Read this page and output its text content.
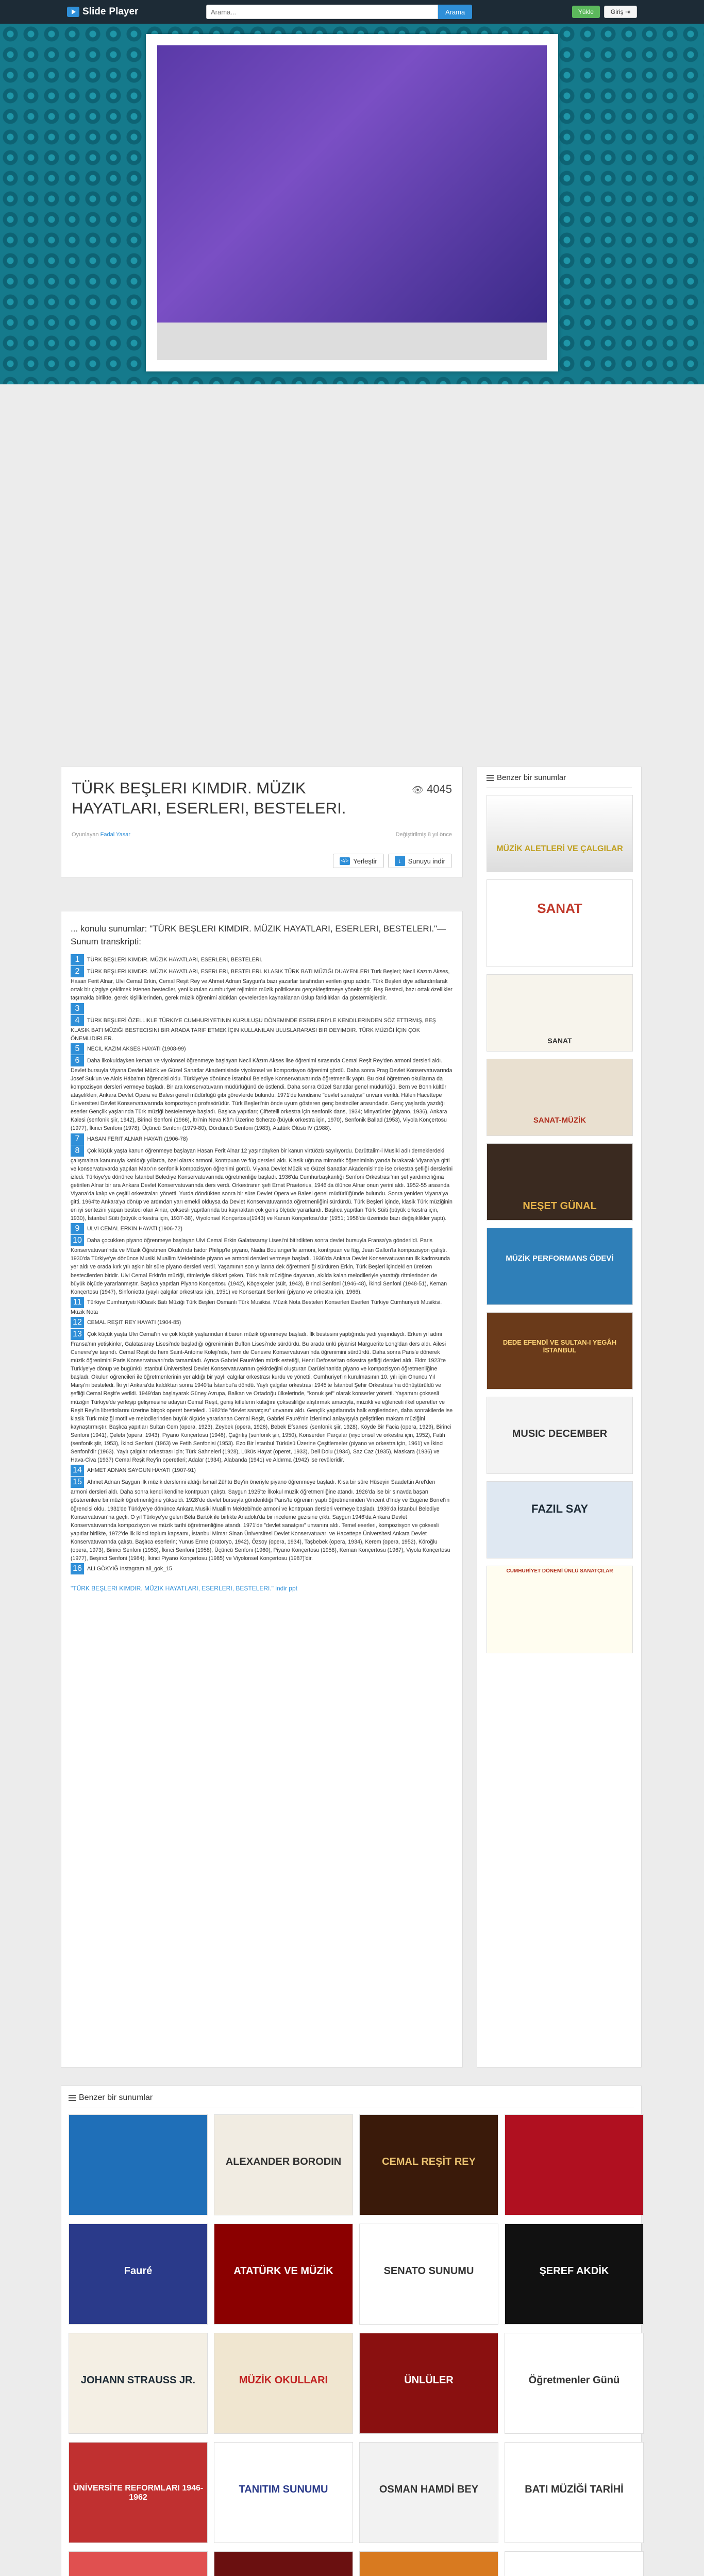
Slide Player
Arama...	Arama	Yükle	Giriş ⇥
TÜRK BEŞLERI KIMDIR. MÜZIK HAYATLARI, ESERLERI, BESTELERI.
👁 4045
Oyunlayan Fadal Yasar	Değiştirilmiş 8 yıl önce
</> Yerleştir	↓	Sunuyu indir
... konulu sunumlar: "TÜRK BEŞLERI KIMDIR. MÜZIK HAYATLARI, ESERLERI, BESTELERI."— Sunum transkripti:
1 TÜRK BEŞLERI KIMDIR. MÜZIK HAYATLARI, ESERLERI, BESTELERI.
2 TÜRK BEŞLERI KIMDIR. MÜZIK HAYATLARI, ESERLERI, BESTELERI. KLASIK TÜRK BATI MÜZIĞI DUAYENLERI Türk Beşleri; Necil Kazım Akses, Hasan Ferit Alnar, Ulvi Cemal Erkin, Cemal Reşit Rey ve Ahmet Adnan Saygun'a bazı yazarlar tarafından verilen grup adıdır. Türk Beşleri diye adlandırılarak ortak bir çizgiye çekilmek istenen besteciler, yeni kurulan cumhuriyet rejiminin müzik politikasını gerçekleştirmeye yönelmiştir. Beş Besteci, bazı ortak özellikler taşımakla birlikte, gerek kişiliklerinden, gerek müzik öğrenimi aldıkları çevrelerden kaynaklanan üslup farklılıkları da göstermişlerdir.
3
4 TÜRK BEŞLERİ ÖZELLIKLE TÜRKIYE CUMHURIYETININ KURULUŞU DÖNEMINDE ESERLERIYLE KENDILERINDEN SÖZ ETTIRMIŞ, BEŞ KLASIK BATI MÜZIĞI BESTECISINI BIR ARADA TARIF ETMEK İÇIN KULLANILAN ULUSLARARASI BIR DEYIMDIR. TÜRK MÜZIĞI İÇIN ÇOK ÖNEMLIDIRLER.
5 NECIL KAZIM AKSES HAYATI (1908-99)
6 Daha ilkokuldayken keman ve viyolonsel öğrenmeye başlayan Necil Kâzım Akses lise öğrenimi sırasında Cemal Reşit Rey'den armoni dersleri aldı. Devlet bursuyla Viyana Devlet Müzik ve Güzel Sanatlar Akademisinde viyolonsel ve kompozisyon öğrenimi gördü. Daha sonra Prag Devlet Konservatuvarında Josef Suk'un ve Alois Hába'nın öğrencisi oldu. Türkiye'ye dönünce İstanbul Belediye Konservatuvarında öğretmenlik yaptı. Bu okul öğretmen okullarına da kompozisyon dersleri vermeye başladı. Bir ara konservatuvarın müdürlüğünü de üstlendi. Daha sonra Güzel Sanatlar genel müdürlüğü, Bern ve Bonn kültür ataşelikleri, Ankara Devlet Opera ve Balesi genel müdürlüğü gibi görevlerde bulundu. 1971'de kendisine "devlet sanatçısı" unvanı verildi. Hâlen Hacettepe Üniversitesi Devlet Konservatuvarında kompozisyon profesörüdür. Türk Beşleri'nin önde uyum gösteren genç besteciler arasındadır. Genç yaşlarda yazdığı eserler Gençlik yaşlarında Türk müziği bestelemeye başladı. Başlıca yapıtları; Çiftetelli orkestra için senfonik dans, 1934; Minyatürler (piyano, 1936), Ankara Kalesi (senfonik şiir, 1942), Birinci Senfoni (1966), İtri'nin Neva Kâr'ı Üzerine Scherzo (büyük orkestra için, 1970), Senfonik Ballad (1953), Viyola Konçertosu (1977), İkinci Senfoni (1978), Üçüncü Senfoni (1979-80), Dördüncü Senfoni (1983), Atatürk Ölüsü IV (1988).
7 HASAN FERIT ALNAR HAYATI (1906-78)
8 Çok küçük yaşta kanun öğrenmeye başlayan Hasan Ferit Alnar 12 yaşındayken bir kanun virtüözü sayılıyordu. Darüttalim-i Musiki adlı derneklerdeki çalışmalara kanunuyla katıldığı yıllarda, özel olarak armoni, kontrpuan ve füg dersleri aldı. Klasik uğruna mimarlık öğreniminin yarıda bırakarak Viyana'ya gitti ve konservatuvarda yapılan Marx'ın senfonik kompozisyon öğrenimi gördü. Viyana Devlet Müzik ve Güzel Sanatlar Akademisi'nde ise orkestra şefliği derslerini izledi. Türkiye'ye dönünce İstanbul Belediye Konservatuvarında öğretmenliğe başladı. 1936'da Cumhurbaşkanlığı Senfoni Orkestrası'nın şef yardımcılığına getirilen Alnar bir ara Ankara Devlet Konservatuvarında ders verdi. Orkestranın şefi Ernst Praetorius, 1946'da ölünce Alnar onun yerini aldı. 1952-55 arasında Viyana'da kalıp ve çeşitli orkestraları yönetti. Yurda döndükten sonra bir süre Devlet Opera ve Balesi genel müdürlüğünde bulundu. Sonra yeniden Viyana'ya gitti. 1964'te Ankara'ya dönüp ve ardından yarı emekli olduysa da Devlet Konservatuvarında öğretmenliğini sürdürdü. Türk Beşleri içinde, klasik Türk müziğinin en iyi sentezini yapan besteci olan Alnar, çoksesli yapıtlarında bu kaynaktan çok geniş ölçüde yararlandı. Başlıca yapıtları Türk Süiti (büyük orkestra için, 1930), İstanbul Süiti (büyük orkestra için, 1937-38), Viyolonsel Konçertosu(1943) ve Kanun Konçertosu'dur (1951; 1958'de üzerinde bazı değişiklikler yaptı).
9 ULVI CEMAL ERKIN HAYATI (1906-72)
10 Daha çocukken piyano öğrenmeye başlayan Ulvi Cemal Erkin Galatasaray Lisesi'ni bitirdikten sonra devlet bursuyla Fransa'ya gönderildi. Paris Konservatuvarı'nda ve Müzik Öğretmen Okulu'nda Isidor Philipp'le piyano, Nadia Boulanger'le armoni, kontrpuan ve füg, Jean Gallon'la kompozisyon çalıştı. 1930'da Türkiye'ye dönünce Musiki Muallim Mektebinde piyano ve armoni dersleri vermeye başladı. 1936'da Ankara Devlet Konservatuvarının ilk kadrosunda yer aldı ve orada kırk yılı aşkın bir süre piyano dersleri verdi. Yaşamının son yıllarına dek öğretmenliği sürdüren Erkin, Türk Beşleri içindeki en üretken bestecilerden biridir. Ulvi Cemal Erkin'in müziği, ritmleriyle dikkati çeken, Türk halk müziğine dayanan, akılda kalan melodileriyle yarattığı ritmlerinden de büyük ölçüde yararlanmıştır. Başlıca yapıtları Piyano Konçertosu (1942), Köçekçeler (süit, 1943), Birinci Senfoni (1946-48), İkinci Senfoni (1948-51), Keman Konçertosu (1947), Sinfonietta (yaylı çalgılar orkestrası için, 1951) ve Konsertant Senfoni (piyano ve orkestra için, 1966).
11 Türkiye Cumhuriyeti KlOasik Batı Müziği Türk Beşleri Osmanlı Türk Musikisi. Müzik Nota Besteleri Konserleri Eserleri Türkiye Cumhuriyeti Musikisi. Müzik Nota
12 CEMAL REŞIT REY HAYATI (1904-85)
13 Çok küçük yaşta Ulvi Cemal'in ve çok küçük yaşlarından itibaren müzik öğrenmeye başladı. İlk bestesini yaptığında yedi yaşındaydı. Erken yıl adını Fransa'nın yetişkinler, Galatasaray Lisesi'nde başladığı öğreniminin Buffon Lisesi'nde sürdürdü. Bu arada ünlü piyanist Marguerite Long'dan ders aldı. Ailesi Cenevre'ye taşındı. Cemal Reşit de hem Saint-Antoine Koleji'nde, hem de Cenevre Konservatuvarı'nda öğrenimini sürdürdü. Daha sonra Paris'e dönerek müzik öğrenimini Paris Konservatuvarı'nda tamamladı. Ayrıca Gabriel Fauré'den müzik estetiği, Henri Defosse'tan orkestra şefliği dersleri aldı. Ekim 1923'te Türkiye'ye dönüp ve bugünkü İstanbul Üniversitesi Devlet Konservatuvarının çekirdeğini oluşturan Darülelhan'da piyano ve kompozisyon öğretmenliğine başladı. Okulun öğrencileri ile öğretmenlerinin yer aldığı bir yaylı çalgılar orkestrası kurdu ve yönetti. Cumhuriyet'in kurulmasının 10. yılı için Onuncu Yıl Marşı'nı besteledi. İki yıl Ankara'da kaldıktan sonra 1940'ta İstanbul'a döndü. Yaylı çalgılar orkestrası 1945'te İstanbul Şehir Orkestrası'na dönüştürüldü ve şefliği Cemal Reşit'e verildi. 1949'dan başlayarak Güney Avrupa, Balkan ve Ortadoğu ülkelerinde, "konuk şef" olarak konserler yönetti. Yaşamını çoksesli müziğin Türkiye'de yerleşip gelişmesine adayan Cemal Reşit, geniş kitlelerin kulağını çoksesliliğe alıştırmak amacıyla, müzikli ve eğlenceli ilkel operetler ve Reşit Rey'in librettolarını üzerine birçok operet besteledi. 1982'de "devlet sanatçısı" unvanını aldı. Gençlik yapıtlarında halk ezgilerinden, daha sonrakilerde ise klasik Türk müziği motif ve melodilerinden büyük ölçüde yararlanan Cemal Reşit, Gabriel Fauré'nin izlenimci anlayışıyla geliştirilen makam müziğini kaynaştırmıştır. Başlıca yapıtları Sultan Cem (opera, 1923), Zeybek (opera, 1926), Bebek Efsanesi (senfonik şiir, 1928), Köyde Bir Facia (opera, 1929), Birinci Senfoni (1941), Çelebi (opera, 1943), Piyano Konçertosu (1946), Çağrılış (senfonik şiir, 1950), Konserden Parçalar (viyolonsel ve orkestra için, 1952), Fatih (senfonik şiir, 1953), İkinci Senfoni (1963) ve Fetih Senfonisi (1953). Ezo Bir İstanbul Türküsü Üzerine Çeşitlemeler (piyano ve orkestra için, 1961) ve İkinci Senfoni'dir (1963). Yaylı çalgılar orkestrası için; Türk Sahneleri (1928), Lüküs Hayat (operet, 1933), Deli Dolu (1934), Saz Caz (1935), Maskara (1936) ve Hava-Civa (1937) Cemal Reşit Rey'in operetleri; Adalar (1934), Alabanda (1941) ve Aldırma (1942) ise revüleridir.
14 AHMET ADNAN SAYGUN HAYATI (1907-91)
15 Ahmet Adnan Saygun ilk müzik derslerini aldığı İsmail Zühtü Bey'in öneriyle piyano öğrenmeye başladı. Kısa bir süre Hüseyin Saadettin Arel'den armoni dersleri aldı. Daha sonra kendi kendine kontrpuan çalıştı. Saygun 1925'te İlkokul müzik öğretmenliğine atandı. 1926'da ise bir sınavda başarı gösterenlere bir müzik öğretmenliğine yükseldi. 1928'de devlet bursuyla gönderildiği Paris'te öğrenim yaptı öğretmeninden Vincent d'Indy ve Eugène Borrel'in öğrencisi oldu. 1931'de Türkiye'ye dönünce Ankara Musiki Muallim Mektebi'nde armoni ve kontrpuan dersleri vermeye başladı. 1936'da İstanbul Belediye Konservatuvarı'na geçti. O yıl Türkiye'ye gelen Béla Bartók ile birlikte Anadolu'da bir inceleme gezisine çıktı. Saygun 1946'da Ankara Devlet Konservatuvarında kompozisyon ve müzik tarihi öğretmenliğine atandı. 1971'de "devlet sanatçısı" unvanını aldı. Temel eserleri, kompozisyon ve çoksesli yapıtlar birlikte, 1972'de ilk ikinci toplum kapsamı, İstanbul Mimar Sinan Üniversitesi Devlet Konservatuvarı ve Hacettepe Üniversitesi Ankara Devlet Konservatuvarında çalıştı. Başlıca eserlerin; Yunus Emre (oratoryo, 1942), Özsoy (opera, 1934), Taşbebek (opera, 1934), Kerem (opera, 1952), Köroğlu (opera, 1973), Birinci Senfoni (1953), İkinci Senfoni (1958), Üçüncü Senfoni (1960), Piyano Konçertosu (1958), Keman Konçertosu (1967), Viyola Konçertosu (1977), Beşinci Senfoni (1984), İkinci Piyano Konçertosu (1985) ve Viyolonsel Konçertosu (1987)'dir.
16 ALI GÖKYIĞ Instagram ali_gok_15
"TÜRK BEŞLERI KIMDIR. MÜZIK HAYATLARI, ESERLERI, BESTELERI." indir ppt
Benzer bir sunumlar
MÜZİK ALETLERİ VE ÇALGILAR
SANAT
SANAT
SANAT-MÜZİK
NEŞET GÜNAL
MÜZİK PERFORMANS ÖDEVİ
DEDE EFENDİ VE SULTAN-I YEGÂH İSTANBUL
MUSIC DECEMBER
FAZIL SAY
CUMHURİYET DÖNEMİ ÜNLÜ SANATÇILAR
Benzer bir sunumlar
ALEXANDER BORODIN	CEMAL REŞİT REY
Fauré	ATATÜRK VE MÜZİK	SENATO SUNUMU	ŞEREF AKDİK
JOHANN STRAUSS JR.	MÜZİK OKULLARI	ÜNLÜLER	Öğretmenler Günü
ÜNİVERSİTE REFORMLARI 1946-1962
TANITIM SUNUMU	OSMAN HAMDİ BEY	BATI MÜZİĞİ TARİHİ
